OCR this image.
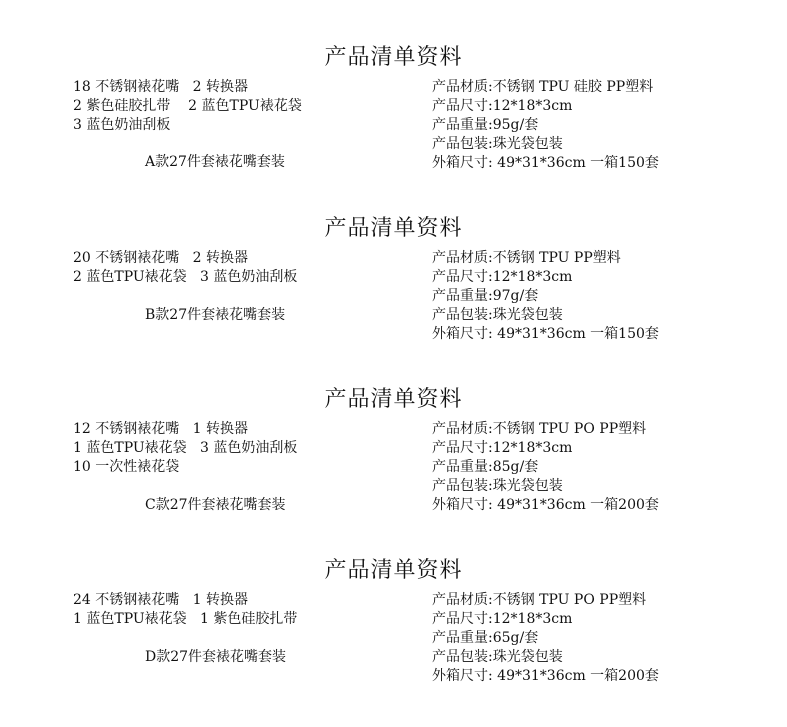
产品清单资料
18 不锈钢裱花嘴   2 转换器
2 紫色硅胶扎带    2 蓝色TPU裱花袋
3 蓝色奶油刮板
A款27件套裱花嘴套装
产品材质:不锈钢 TPU 硅胶 PP塑料
产品尺寸:12*18*3cm
产品重量:95g/套
产品包装:珠光袋包装
外箱尺寸: 49*31*36cm 一箱150套
产品清单资料
20 不锈钢裱花嘴   2 转换器
2 蓝色TPU裱花袋   3 蓝色奶油刮板
B款27件套裱花嘴套装
产品材质:不锈钢 TPU PP塑料
产品尺寸:12*18*3cm
产品重量:97g/套
产品包装:珠光袋包装
外箱尺寸: 49*31*36cm 一箱150套
产品清单资料
12 不锈钢裱花嘴   1 转换器
1 蓝色TPU裱花袋   3 蓝色奶油刮板
10 一次性裱花袋
C款27件套裱花嘴套装
产品材质:不锈钢 TPU PO PP塑料
产品尺寸:12*18*3cm
产品重量:85g/套
产品包装:珠光袋包装
外箱尺寸: 49*31*36cm 一箱200套
产品清单资料
24 不锈钢裱花嘴   1 转换器
1 蓝色TPU裱花袋   1 紫色硅胶扎带
D款27件套裱花嘴套装
产品材质:不锈钢 TPU PO PP塑料
产品尺寸:12*18*3cm
产品重量:65g/套
产品包装:珠光袋包装
外箱尺寸: 49*31*36cm 一箱200套
